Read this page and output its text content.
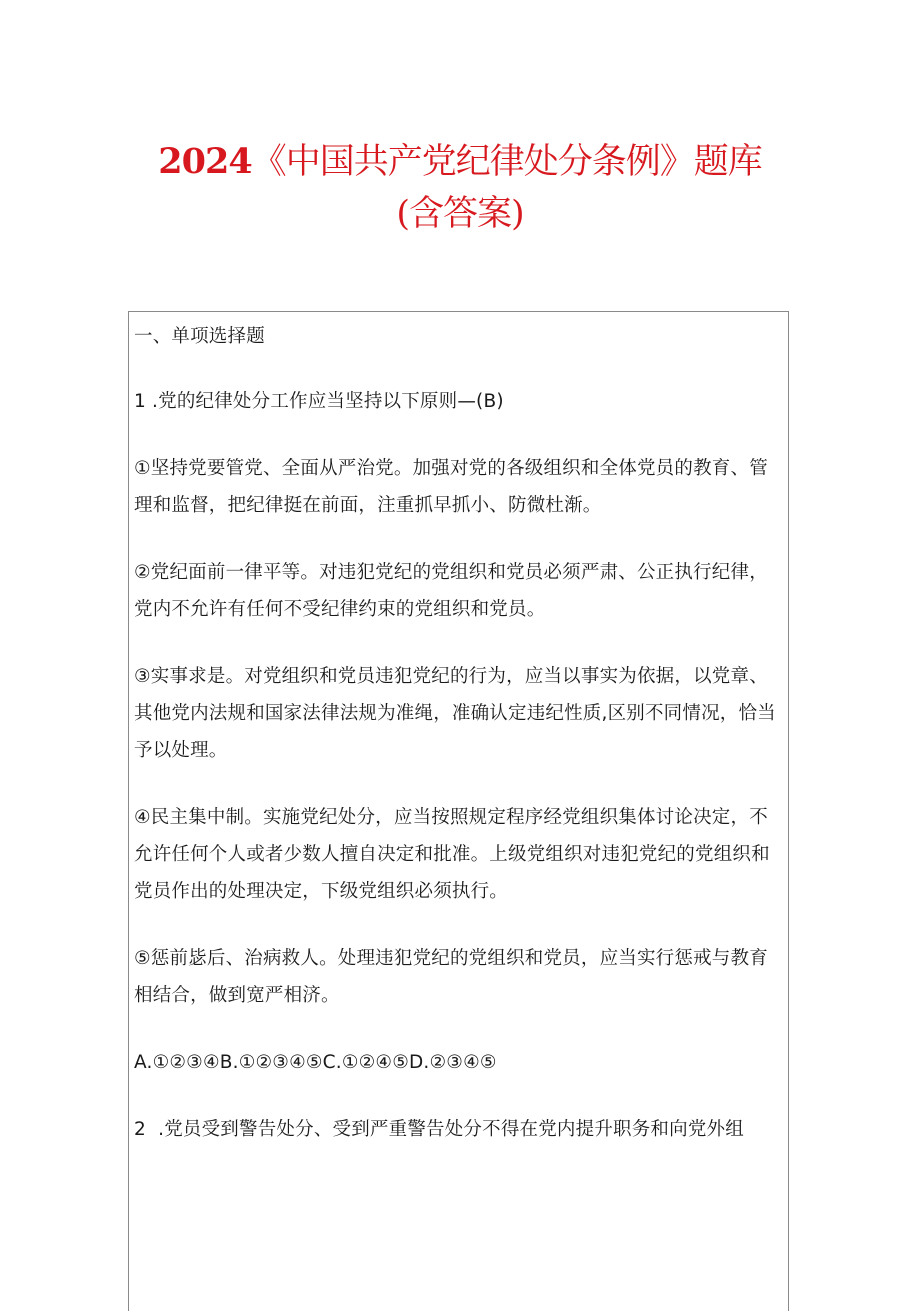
2024《中国共产党纪律处分条例》题库
(含答案)

一、单项选择题

1 .党的纪律处分工作应当坚持以下原则—(B)

①坚持党要管党、全面从严治党。加强对党的各级组织和全体党员的教育、管理和监督，把纪律挺在前面，注重抓早抓小、防微杜渐。

②党纪面前一律平等。对违犯党纪的党组织和党员必须严肃、公正执行纪律，党内不允许有任何不受纪律约束的党组织和党员。

③实事求是。对党组织和党员违犯党纪的行为，应当以事实为依据，以党章、其他党内法规和国家法律法规为准绳，准确认定违纪性质,区别不同情况，恰当予以处理。

④民主集中制。实施党纪处分，应当按照规定程序经党组织集体讨论决定，不允许任何个人或者少数人擅自决定和批准。上级党组织对违犯党纪的党组织和党员作出的处理决定，下级党组织必须执行。

⑤惩前毖后、治病救人。处理违犯党纪的党组织和党员，应当实行惩戒与教育相结合，做到宽严相济。

A.①②③④B.①②③④⑤C.①②④⑤D.②③④⑤

2  .党员受到警告处分、受到严重警告处分不得在党内提升职务和向党外组
